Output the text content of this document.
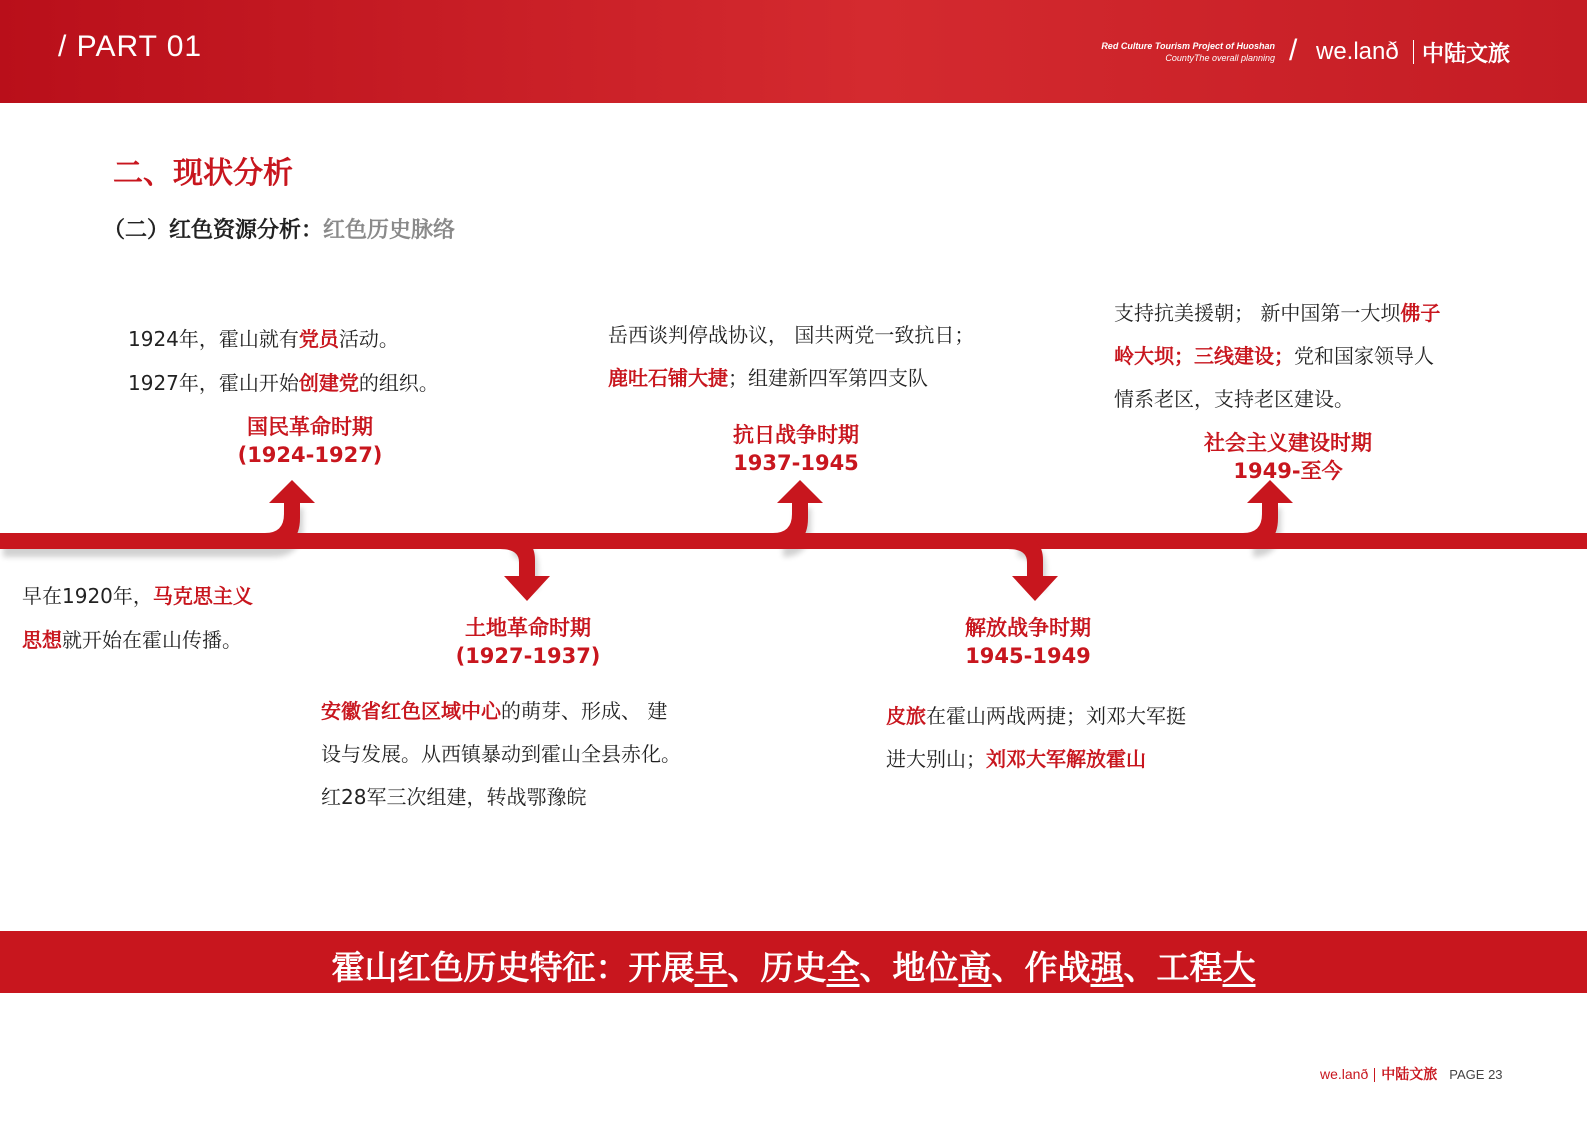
/ PART 01	Red Culture Tourism Project of Huoshan
CountyThe overall planning / we.lanð 中陆文旅
二、现状分析
（二）红色资源分析：红色历史脉络
国民革命时期
(1924-1927)
土地革命时期
(1927-1937)
抗日战争时期
1937-1945
解放战争时期
1945-1949
社会主义建设时期
1949-至今

早在1920年，马克思主义

思想就开始在霍山传播。

1924年，霍山就有党员活动。

1927年，霍山开始创建党的组织。

安徽省红色区域中心的萌芽、形成、 建

设与发展。从西镇暴动到霍山全县赤化。

红28军三次组建，转战鄂豫皖

岳西谈判停战协议， 国共两党一致抗日；

鹿吐石铺大捷；组建新四军第四支队

皮旅在霍山两战两捷；刘邓大军挺

进大别山；刘邓大军解放霍山

支持抗美援朝； 新中国第一大坝佛子

岭大坝；三线建设；党和国家领导人

情系老区，支持老区建设。

霍山红色历史特征：开展早、历史全、地位高、作战强、工程大
we.lanð 中陆文旅 PAGE 23
